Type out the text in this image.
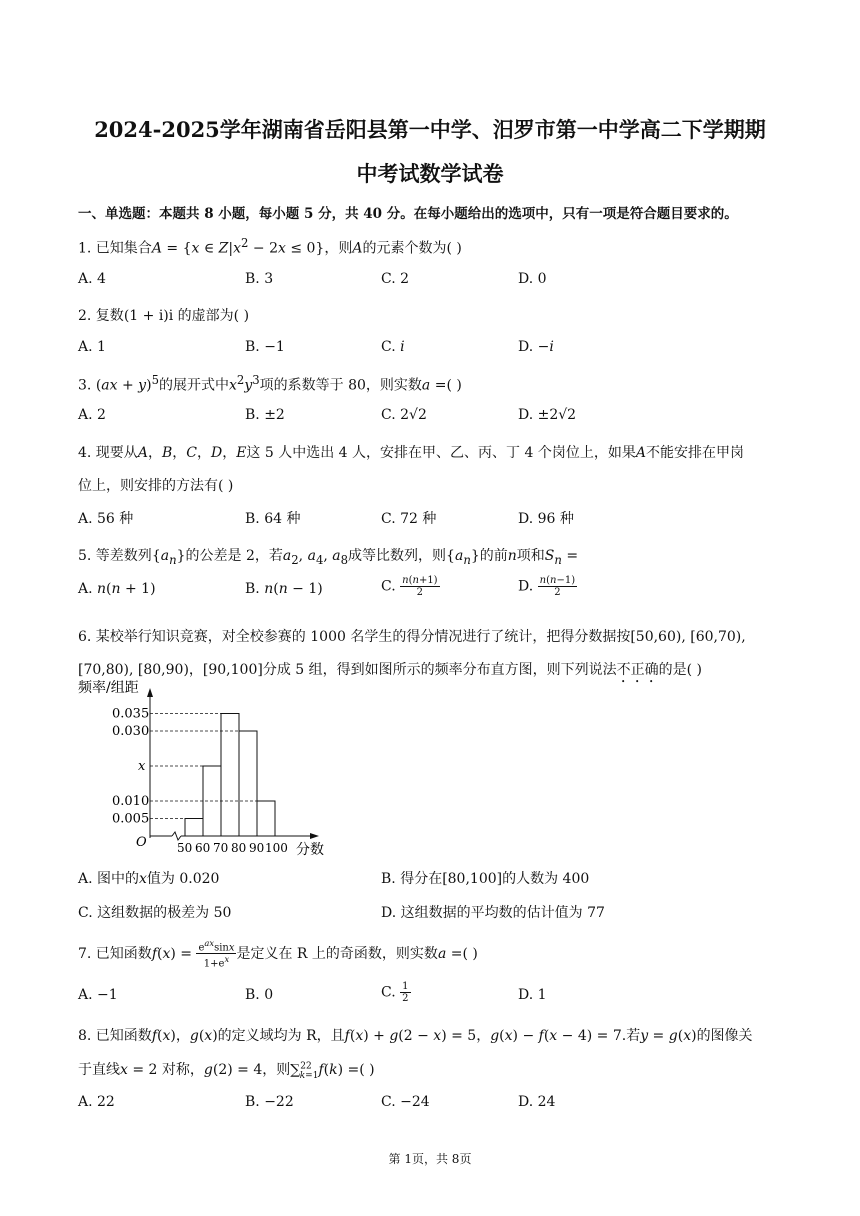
2024-2025学年湖南省岳阳县第一中学、汨罗市第一中学高二下学期期
中考试数学试卷
一、单选题：本题共 8 小题，每小题 5 分，共 40 分。在每小题给出的选项中，只有一项是符合题目要求的。
1. 已知集合A = {x ∈ $Z|x^2 - 2x \le 0$}，则A的元素个数为( )
A. 4	B. 3	C. 2	D. 0
2. 复数(1 + i)i 的虚部为( )
A. 1	B. −1	C. i	D. −i
3. (ax + y)$^5$的展开式中$x^2y^3$项的系数等于 80，则实数a =( )
A. 2	B. ±2	C. 2√2	D. ±2√2
4. 现要从A，B，C，D，E这 5 人中选出 4 人，安排在甲、乙、丙、丁 4 个岗位上，如果A不能安排在甲岗
位上，则安排的方法有( )
A. 56 种	B. 64 种	C. 72 种	D. 96 种
5. 等差数列$\{a_n\}$的公差是 2，若$a_2$, $a_4$, $a_8$成等比数列，则$\{a_n\}$的前n项和$S_n$ =
A. n(n + 1)	B. n(n − 1)	C. $\frac{n(n+1)}{2}$	D. $\frac{n(n-1)}{2}$
6. 某校举行知识竞赛，对全校参赛的 1000 名学生的得分情况进行了统计，把得分数据按[50,60), [60,70),
[70,80), [80,90)，[90,100]分成 5 组，得到如图所示的频率分布直方图，则下列说法不正确的是( )
频率/组距
分数
O
0.035
0.030
x
0.010
0.005
50 60 70 80 90 100
A. 图中的x值为 0.020	B. 得分在[80,100]的人数为 400
C. 这组数据的极差为 50	D. 这组数据的平均数的估计值为 77
7. 已知函数$f(x) = \frac{e^{ax}\sin x}{1+e^x}$ 是定义在 R 上的奇函数，则实数a =( )
A. −1	B. 0	C. $\frac{1}{2}$	D. 1
8. 已知函数f(x)，g(x)的定义域均为 R，且f(x) + g(2 − x) = 5，g(x) − f(x − 4) = 7.若y = g(x)的图像关
于直线x = 2 对称，g(2) = 4，则∑$^{22}_{k=1}$f(k) =( )
A. 22	B. −22	C. −24	D. 24
第 1页，共 8页
